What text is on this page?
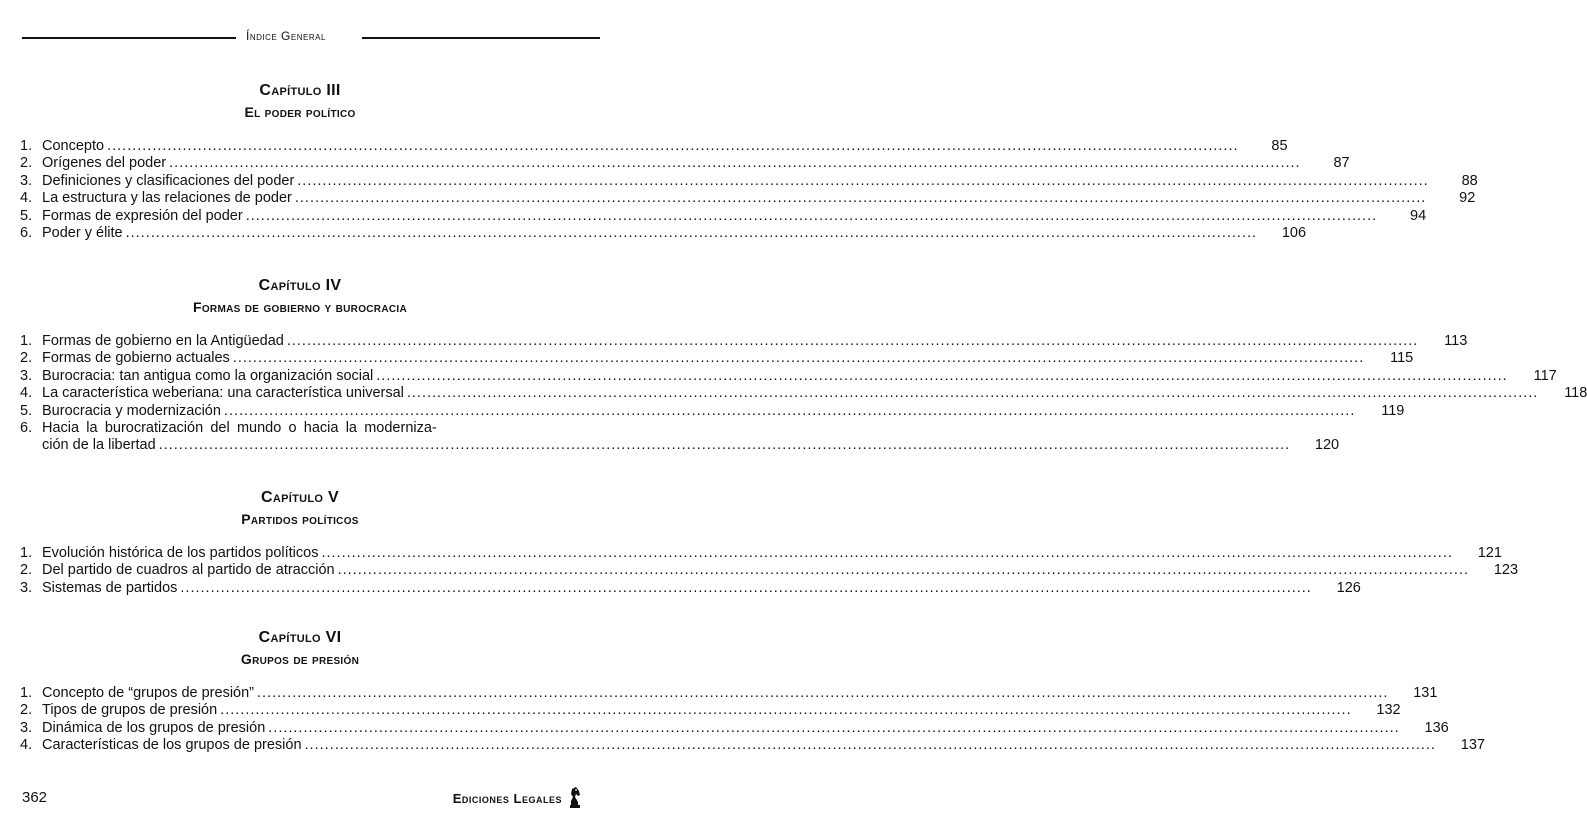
Índice General
Capítulo III
El poder político
1. Concepto .....	85
2. Orígenes del poder .....	87
3. Definiciones y clasificaciones del poder .....	88
4. La estructura y las relaciones de poder .....	92
5. Formas de expresión del poder .....	94
6. Poder y élite .....	106
Capítulo IV
Formas de gobierno y burocracia
1. Formas de gobierno en la Antigüedad .....	113
2. Formas de gobierno actuales .....	115
3. Burocracia: tan antigua como la organización social .....	117
4. La característica weberiana: una característica universal .....	118
5. Burocracia y modernización .....	119
6. Hacia la burocratización del mundo o hacia la moderniza-
ción de la libertad .....	120
Capítulo V
Partidos políticos
1. Evolución histórica de los partidos políticos .....	121
2. Del partido de cuadros al partido de atracción .....	123
3. Sistemas de partidos .....	126
Capítulo VI
Grupos de presión
1. Concepto de “grupos de presión” .....	131
2. Tipos de grupos de presión .....	132
3. Dinámica de los grupos de presión .....	136
4. Características de los grupos de presión .....	137
362	Ediciones Legales
